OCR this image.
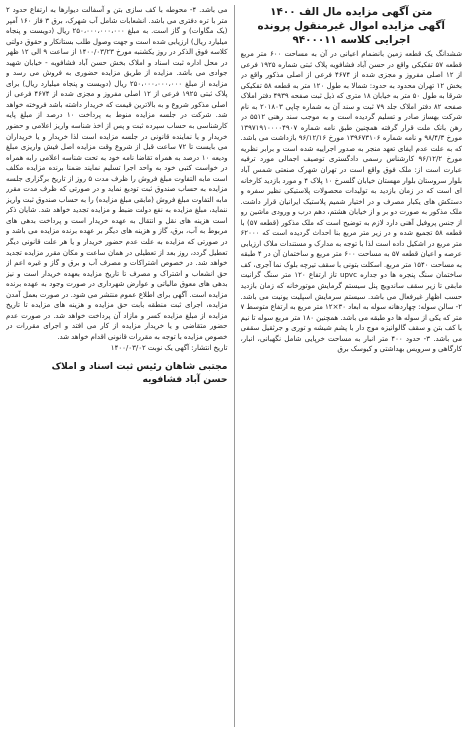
متن آگهی مزایده مال الف ۱۴۰۰
آگهی مزایده اموال غیرمنقول پرونده اجرایی کلاسه ۹۴۰۰۰۱۱

ششدانگ یک قطعه زمین بانضمام اعیانی در آن به مساحت ۶۰۰ متر مربع قطعه ۵۷ تفکیکی واقع در حسن آباد فشافویه پلاک ثبتی شماره ۱۹۲۵ فرعی از ۱۲ اصلی مفروز و مجزی شده از ۴۶۷۴ فرعی از اصلی مذکور واقع در بخش ۱۲ تهران محدود به حدود: شمالا به طول ۱۲۰ متر به قطعه ۵۸ تفکیکی شرقا به طول ۵۰ متر به خیابان ۱۸ متری که ذیل ثبت صفحه ۴۹۳۹ دفتر املاک صفحه ۸۲ دفتر املاک جلد ۷۹ ثبت و سند آن به شماره چاپی ۲۰۱۸۰۳ به نام شرکت بهساز صادر و تسلیم گردیده است و به موجب سند رهنی ۵۵۱۲ در رهن بانک ملت قرار گرفته همچنین طبق نامه شماره ۱۳۹۷۱۹۱۰۰۰۰۴۹۰۷ مورخ ۹۸/۴/۳ و نامه شماره ۱۳۹۶۷۳۱۰۶ مورخ ۹۶/۱۲/۱۶ بازداشت می باشد. که به علت عدم ایفای تعهد منجر به صدور اجراییه شده است و برابر نظریه مورخ ۹۶/۱۲/۲ کارشناس رسمی دادگستری توصیف اجمالی مورد ترفیه عبارت است از: ملک فوق واقع است در تهران شهرک صنعتی شمس آباد بلوار سروستان بلوار مهستان خیابان گلسرخ ۱۰ پلاک ۴ و مورد بازدید کارخانه ای است که در زمان بازدید به تولیدات محصولات پلاستیکی نظیر سفره و دستکش های یکبار مصرف و در اختیار شمیم پلاستیک ایرانیان قرار داشت. ملک مذکور به صورت دو بر و از خیابان هشتم، دهم درب و ورودی ماشین رو از جنس پروفیل آهنی دارد لازم به توضیح است که ملک مذکور (قطعه ۵۷) با قطعه ۵۸ تجمیع شده و در زیر متر مربع بنا احداث گردیده است که ۶۲۰۰۰ متر مربع در اشکیل داده است لذا با توجه به مدارک و مستندات ملاک ارزیابی عرصه و اعیان قطعه ۵۷ به مساحت ۶۰۰ متر مربع و ساختمان آن در ۴ طبقه به مساحت ۱۵۴۰ متر مربع. اسکلت بتونی با سقف تیرچه بلوک نما آجری، کف ساختمان سنگ پنجره ها دو جداره upvc تاز ارتفاع ۱۲۰ متر سنگ گرانیت مابقی تا زیر سقف ساندویچ پنل سیستم گرمایش موتورخانه که زمان بازدید حسب اظهار غیرفعال می باشد. سیستم سرمایش اسپلیت یونیت می باشد. ۲- سالن سوله: چهاردهانه سوله به ابعاد ۳۰×۱۲ متر مربع به ارتفاع متوسط ۷ متر که یکی از سوله ها دو طبقه می باشد. همچنین ۱۸۰ متر مربع سوله تا نیم با کف بتن و سقف گالوانیزه موج دار با پشم شیشه و توری و جرثقیل سقفی می باشد. ۳- حدود ۴۰۰ متر انبار به مساحت خرپایی شامل نگهبانی، انبار، کارگاهی و سرویس بهداشتی و کیوسک برق

می باشد. ۴- محوطه با کف سازی بتن و آسفالت دیوارها به ارتفاع حدود ۲ متر با تره دفتری می باشد. انشعابات شامل آب شهرک، برق ۳ فاز ۱۶۰ آمپر (یک مگاوات) و گاز است. به مبلغ ۲۵۰،۰۰۰،۰۰۰،۰۰۰ ریال (دویست و پنجاه میلیارد ریال) ارزیابی شده است و جهت وصول طلب بستانکار و حقوق دولتی کلاسه فوق الذکر در روز یکشنبه مورخ ۱۴۰۰/۰۳/۲۳ از ساعت ۹ الی ۱۲ ظهر در محل اداره ثبت اسناد و املاک بخش حسن آباد فشافویه - خیابان شهید جوادی می باشد. مزایده از طریق مزایده حضوری به فروش می رسد و مزایده از مبلغ ۲۵۰،۰۰۰،۰۰۰،۰۰۰ ریال (دویست و پنجاه میلیارد ریال) برای پلاک ثبتی ۱۹۲۵ فرعی از ۱۲ اصلی مفروز و مجزی شده از ۴۶۷۴ فرعی از اصلی مذکور شروع و به بالاترین قیمت که خریدار داشته باشد فروخته خواهد شد. شرکت در جلسه مزایده منوط به پرداخت ۱۰ درصد از مبلغ پایه کارشناسی به حساب سپرده ثبت و پس از اخذ شناسه واریز اعلامی و حضور خریدار و یا نماینده قانونی در جلسه مزایده است لذا خریدار و یا خریداران می بایست تا ۷۲ ساعت قبل از شروع وقت مزایده اصل فیش واریزی مبلغ ودیعه ۱۰ درصد به همراه تقاضا نامه خود به تحت شناسه اعلامی رابه همراه در خواست کتبی خود به واحد اجرا تسلیم نمایند ضمنا برنده مزایده مکلف است مابه التفاوت مبلغ فروش را ظرف مدت ۵ روز از تاریخ برگزاری جلسه مزایده به حساب صندوق ثبت تودیع نماید و در صورتی که ظرف مدت مقرر مابه التفاوت مبلغ فروش (مابقی مبلغ مزایده) را به حساب صندوق ثبت واریز ننماید، مبلغ مزایده به نفع دولت ضبط و مزایده تجدید خواهد شد. شایان ذکر است هزینه های نقل و انتقال به عهده خریدار است و پرداخت بدهی های مربوط به آب، برق، گاز و هزینه های دیگر بر عهده برنده مزایده می باشد و در صورتی که مزایده به علت عدم حضور خریدار و یا هر علت قانونی دیگر تعطیل گردد، روز بعد از تعطیلی در همان ساعت و مکان مقرر مزایده تجدید خواهد شد. در خصوص اشتراکات و مصرف آب و برق و گاز و غیره اعم از حق انشعاب و اشتراک و مصرف تا تاریخ مزایده بعهده خریدار است و نیز بدهی های معوق مالیاتی و عوارض شهرداری در صورت وجود به عهده برنده مزایده است. آگهی برای اطلاع عموم منتشر می شود. در صورت بعمل آمدن مزایده، اجرای ثبت منطقه بابت حق مزایده و هزینه های مزایده تا تاریخ مزایده از مبلغ مزایده کسر و مازاد آن پرداخت خواهد شد. در صورت عدم حضور متقاضی و یا خریدار مزایده از کار می افتد و اجرای مقررات در خصوص مزایده با توجه به مقررات قانونی اقدام خواهد شد.

تاریخ انتشار: آگهی یک نوبت ۱۴۰۰/۰۳/۰۲

مجتبی شاهان رئیس ثبت اسناد و املاک
حسن آباد فشافویه
